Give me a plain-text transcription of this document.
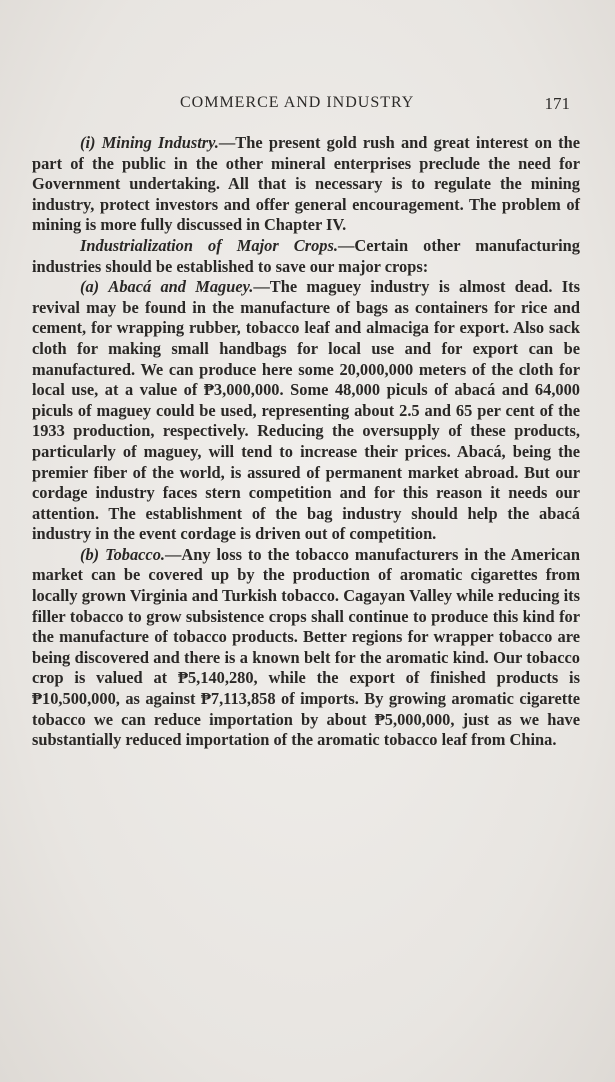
COMMERCE AND INDUSTRY	171

(i) Mining Industry.—The present gold rush and great interest on the part of the public in the other mineral enterprises preclude the need for Government undertaking. All that is necessary is to regulate the mining industry, protect investors and offer general encouragement. The problem of mining is more fully discussed in Chapter IV.

Industrialization of Major Crops.—Certain other manufacturing industries should be established to save our major crops:

(a) Abacá and Maguey.—The maguey industry is almost dead. Its revival may be found in the manufacture of bags as containers for rice and cement, for wrapping rubber, tobacco leaf and almaciga for export. Also sack cloth for making small handbags for local use and for export can be manufactured. We can produce here some 20,000,000 meters of the cloth for local use, at a value of ₱3,000,000. Some 48,000 piculs of abacá and 64,000 piculs of maguey could be used, representing about 2.5 and 65 per cent of the 1933 production, respectively. Reducing the oversupply of these products, particularly of maguey, will tend to increase their prices. Abacá, being the premier fiber of the world, is assured of permanent market abroad. But our cordage industry faces stern competition and for this reason it needs our attention. The establishment of the bag industry should help the abacá industry in the event cordage is driven out of competition.

(b) Tobacco.—Any loss to the tobacco manufacturers in the American market can be covered up by the production of aromatic cigarettes from locally grown Virginia and Turkish tobacco. Cagayan Valley while reducing its filler tobacco to grow subsistence crops shall continue to produce this kind for the manufacture of tobacco products. Better regions for wrapper tobacco are being discovered and there is a known belt for the aromatic kind. Our tobacco crop is valued at ₱5,140,280, while the export of finished products is ₱10,500,000, as against ₱7,113,858 of imports. By growing aromatic cigarette tobacco we can reduce importation by about ₱5,000,000, just as we have substantially reduced importation of the aromatic tobacco leaf from China.
